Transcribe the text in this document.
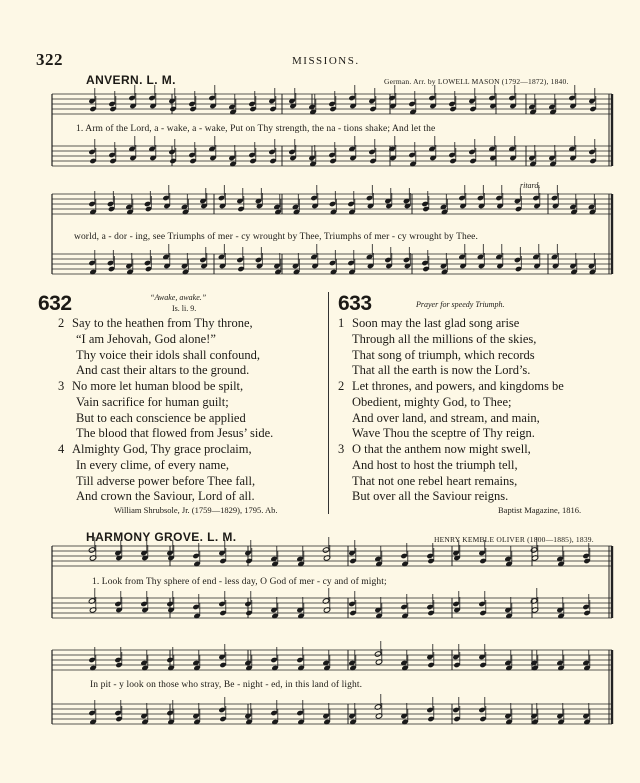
322	MISSIONS.
ANVERN. L. M.	German. Arr. by LOWELL MASON (1792—1872), 1840.
1. Arm of the Lord, a - wake, a - wake, Put on Thy strength, the na - tions shake; And let the
world, a - dor - ing, see Triumphs of mer - cy wrought by Thee, Triumphs of mer - cy wrought by Thee.
ritard.
632	“Awake, awake.”
Is. li. 9.
2 Say to the heathen from Thy throne,
“I am Jehovah, God alone!”
Thy voice their idols shall confound,
And cast their altars to the ground.
3 No more let human blood be spilt,
Vain sacrifice for human guilt;
But to each conscience be applied
The blood that flowed from Jesus’ side.
4 Almighty God, Thy grace proclaim,
In every clime, of every name,
Till adverse power before Thee fall,
And crown the Saviour, Lord of all.
William Shrubsole, Jr. (1759—1829), 1795. Ab.
633	Prayer for speedy Triumph.
1 Soon may the last glad song arise
Through all the millions of the skies,
That song of triumph, which records
That all the earth is now the Lord’s.
2 Let thrones, and powers, and kingdoms be
Obedient, mighty God, to Thee;
And over land, and stream, and main,
Wave Thou the sceptre of Thy reign.
3 O that the anthem now might swell,
And host to host the triumph tell,
That not one rebel heart remains,
But over all the Saviour reigns.
Baptist Magazine, 1816.
HARMONY GROVE. L. M.	HENRY KEMBLE OLIVER (1800—1885), 1839.
1. Look from Thy sphere of end - less day, O God of mer - cy and of might;
In pit - y look on those who stray, Be - night - ed, in this land of light.
